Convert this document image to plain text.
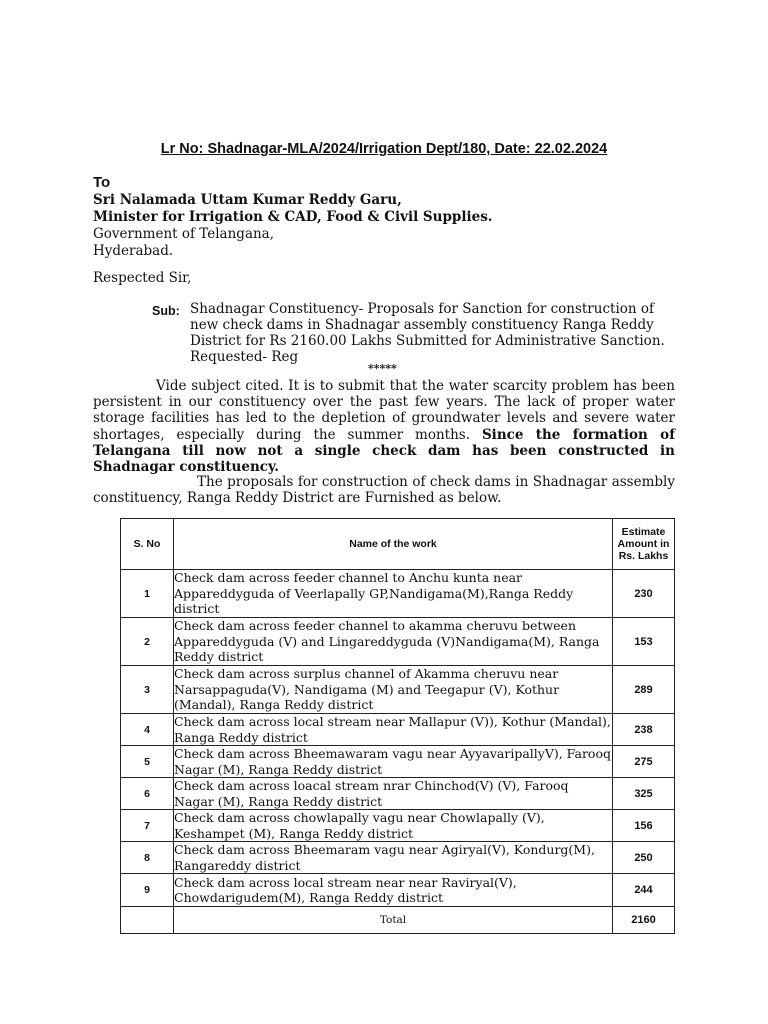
Lr No: Shadnagar-MLA/2024/Irrigation Dept/180, Date: 22.02.2024
To
Sri Nalamada Uttam Kumar Reddy Garu,
Minister for Irrigation & CAD, Food & Civil Supplies.
Government of Telangana,
Hyderabad.
Respected Sir,
Sub: Shadnagar Constituency- Proposals for Sanction for construction of new check dams in Shadnagar assembly constituency Ranga Reddy District for Rs 2160.00 Lakhs Submitted for Administrative Sanction. Requested- Reg
*****
Vide subject cited. It is to submit that the water scarcity problem has been persistent in our constituency over the past few years. The lack of proper water storage facilities has led to the depletion of groundwater levels and severe water shortages, especially during the summer months. Since the formation of Telangana till now not a single check dam has been constructed in Shadnagar constituency.
The proposals for construction of check dams in Shadnagar assembly constituency, Ranga Reddy District are Furnished as below.
S. No	Name of the work	Estimate Amount in Rs. Lakhs
1	Check dam across feeder channel to Anchu kunta near Appareddyguda of Veerlapally GP,Nandigama(M),Ranga Reddy district	230
2	Check dam across feeder channel to akamma cheruvu between Appareddyguda (V) and Lingareddyguda (V)Nandigama(M), Ranga Reddy district	153
3	Check dam across surplus channel of Akamma cheruvu near Narsappaguda(V), Nandigama (M) and Teegapur (V), Kothur (Mandal), Ranga Reddy district	289
4	Check dam across local stream near Mallapur (V)), Kothur (Mandal), Ranga Reddy district	238
5	Check dam across Bheemawaram vagu near AyyavaripallyV), Farooq Nagar (M), Ranga Reddy district	275
6	Check dam across loacal stream nrar Chinchod(V) (V), Farooq Nagar (M), Ranga Reddy district	325
7	Check dam across chowlapally vagu near Chowlapally (V), Keshampet (M), Ranga Reddy district	156
8	Check dam across Bheemaram vagu near Agiryal(V), Kondurg(M), Rangareddy district	250
9	Check dam across local stream near near Raviryal(V), Chowdarigudem(M), Ranga Reddy district	244
	Total	2160
